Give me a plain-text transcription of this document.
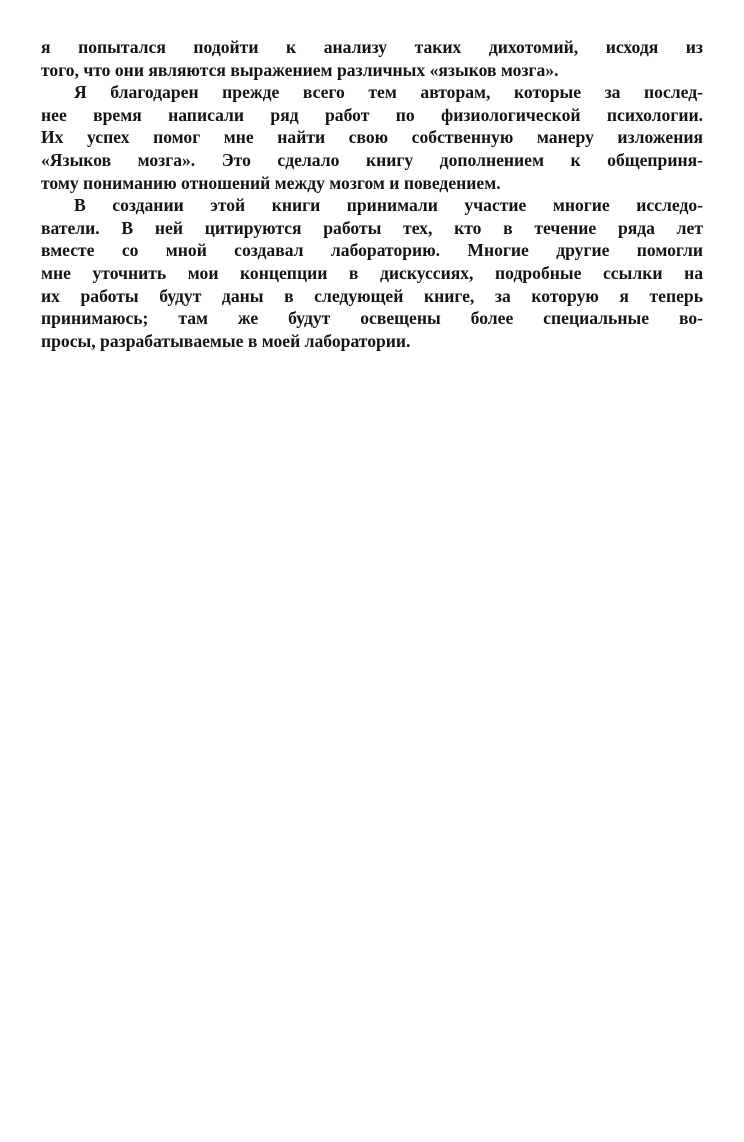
я попытался подойти к анализу таких дихотомий, исходя из
того, что они являются выражением различных «языков мозга».
Я благодарен прежде всего тем авторам, которые за послед-
нее время написали ряд работ по физиологической психологии.
Их успех помог мне найти свою собственную манеру изложения
«Языков мозга». Это сделало книгу дополнением к общеприня-
тому пониманию отношений между мозгом и поведением.
В создании этой книги принимали участие многие исследо-
ватели. В ней цитируются работы тех, кто в течение ряда лет
вместе со мной создавал лабораторию. Многие другие помогли
мне уточнить мои концепции в дискуссиях, подробные ссылки на
их работы будут даны в следующей книге, за которую я теперь
принимаюсь; там же будут освещены более специальные во-
просы, разрабатываемые в моей лаборатории.
